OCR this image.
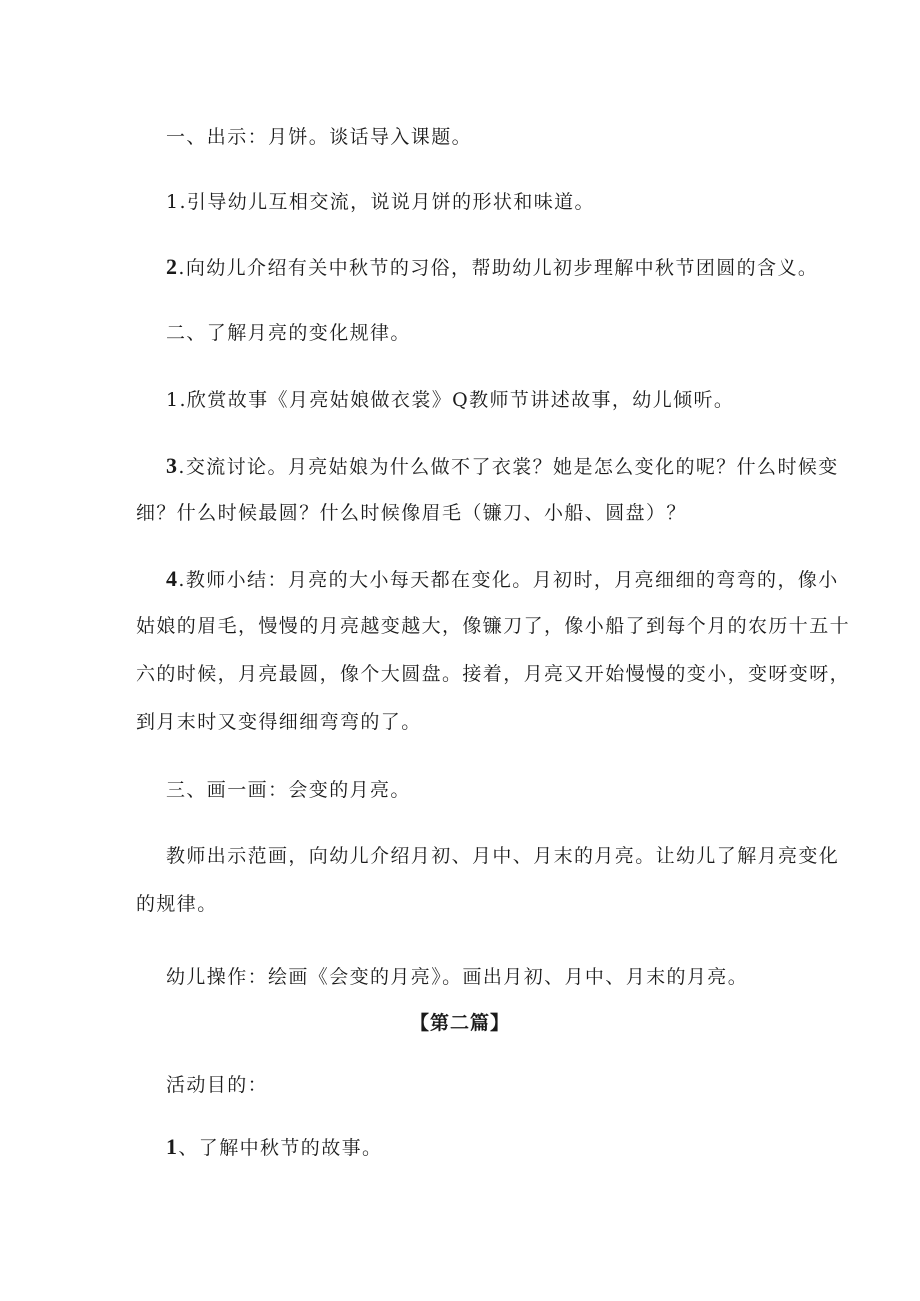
一、出示：月饼。谈话导入课题。
1.引导幼儿互相交流，说说月饼的形状和味道。
2.向幼儿介绍有关中秋节的习俗，帮助幼儿初步理解中秋节团圆的含义。
二、了解月亮的变化规律。
1.欣赏故事《月亮姑娘做衣裳》Q教师节讲述故事，幼儿倾听。
3.交流讨论。月亮姑娘为什么做不了衣裳？她是怎么变化的呢？什么时候变
细？什么时候最圆？什么时候像眉毛（镰刀、小船、圆盘）？
4.教师小结：月亮的大小每天都在变化。月初时，月亮细细的弯弯的，像小
姑娘的眉毛，慢慢的月亮越变越大，像镰刀了，像小船了到每个月的农历十五十
六的时候，月亮最圆，像个大圆盘。接着，月亮又开始慢慢的变小，变呀变呀，
到月末时又变得细细弯弯的了。
三、画一画：会变的月亮。
教师出示范画，向幼儿介绍月初、月中、月末的月亮。让幼儿了解月亮变化
的规律。
幼儿操作：绘画《会变的月亮》。画出月初、月中、月末的月亮。
【第二篇】
活动目的：
1、了解中秋节的故事。
